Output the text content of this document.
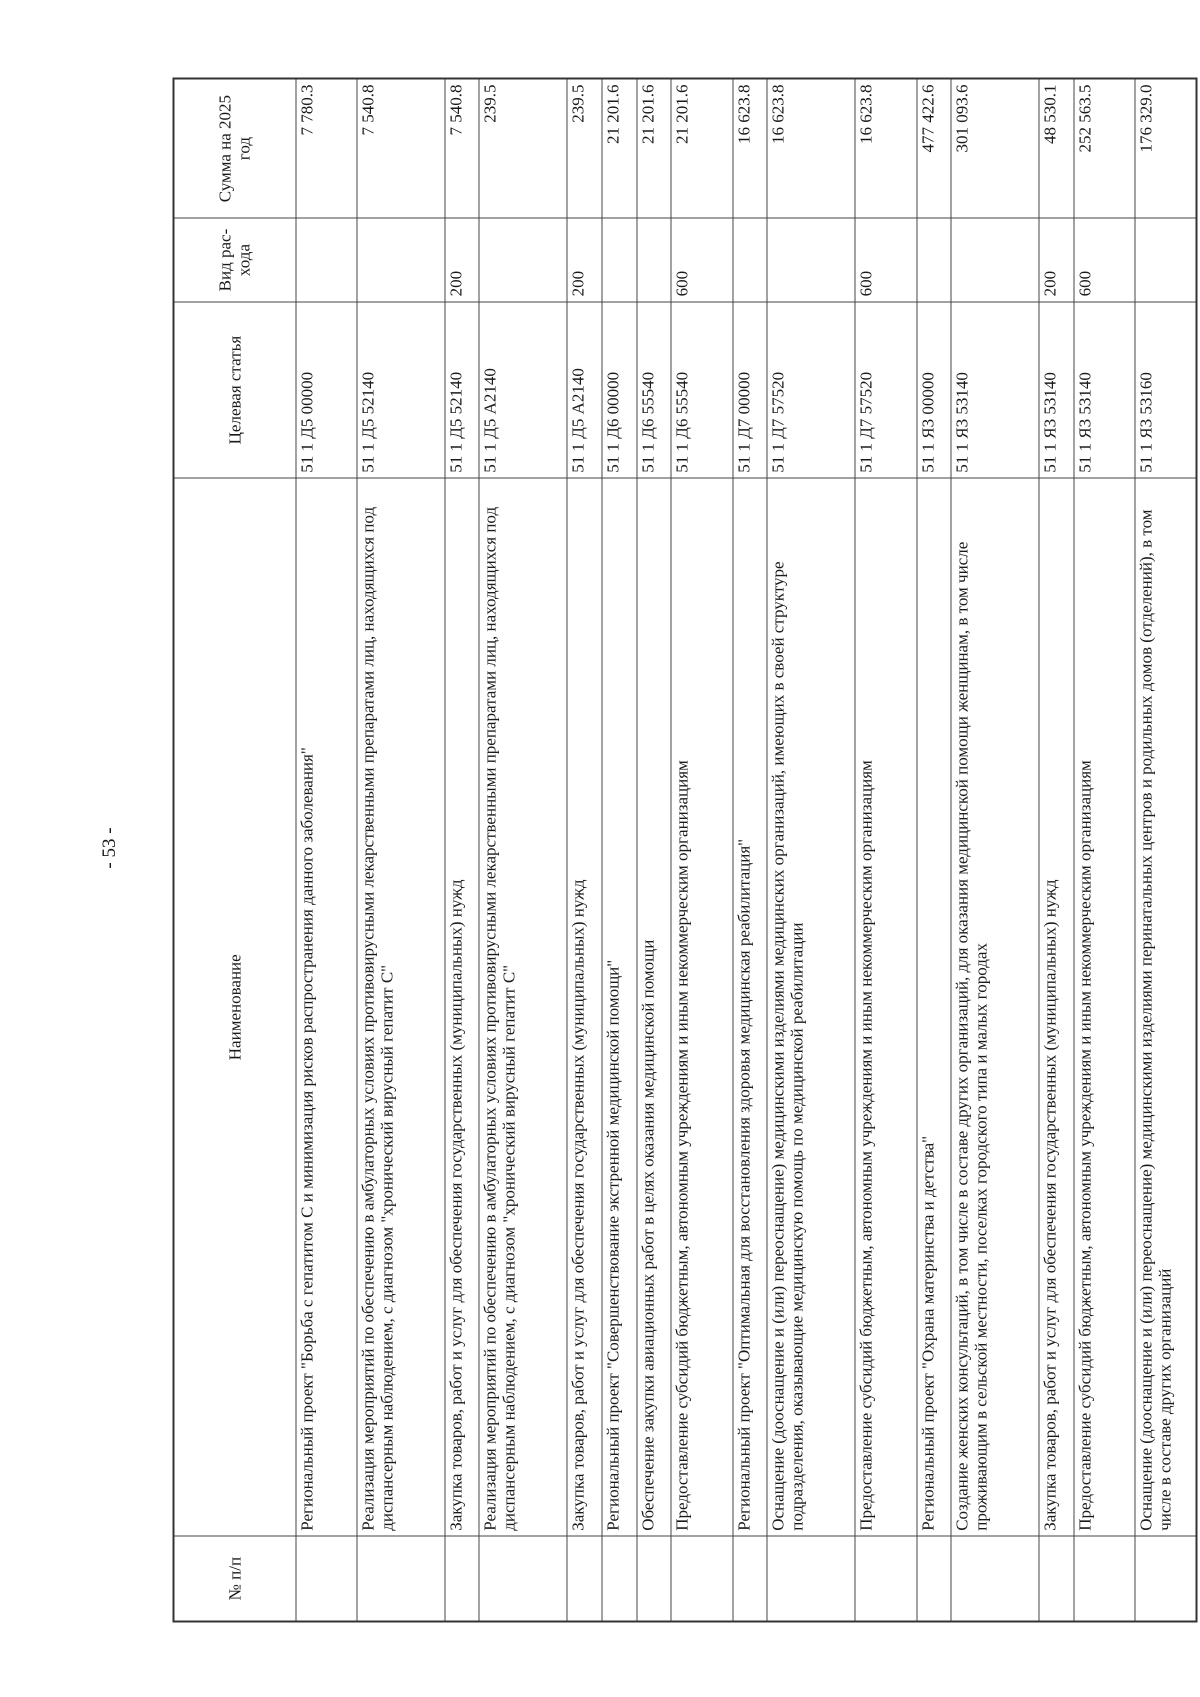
- 53 -
№ п/п	Наименование	Целевая статья	Вид рас-хода	Сумма на 2025 год
	Региональный проект "Борьба с гепатитом С и минимизация рисков распространения данного заболевания"	51 1 Д5 00000		7 780.3
	Реализация мероприятий по обеспечению в амбулаторных условиях противовирусными лекарственными препаратами лиц, находящихся под диспансерным наблюдением, с диагнозом "хронический вирусный гепатит С"	51 1 Д5 52140		7 540.8
	Закупка товаров, работ и услуг для обеспечения государственных (муниципальных) нужд	51 1 Д5 52140	200	7 540.8
	Реализация мероприятий по обеспечению в амбулаторных условиях противовирусными лекарственными препаратами лиц, находящихся под диспансерным наблюдением, с диагнозом "хронический вирусный гепатит С"	51 1 Д5 А2140		239.5
	Закупка товаров, работ и услуг для обеспечения государственных (муниципальных) нужд	51 1 Д5 А2140	200	239.5
	Региональный проект "Совершенствование экстренной медицинской помощи"	51 1 Д6 00000		21 201.6
	Обеспечение закупки авиационных работ в целях оказания медицинской помощи	51 1 Д6 55540		21 201.6
	Предоставление субсидий бюджетным, автономным учреждениям и иным некоммерческим организациям	51 1 Д6 55540	600	21 201.6
	Региональный проект "Оптимальная для восстановления здоровья медицинская реабилитация"	51 1 Д7 00000		16 623.8
	Оснащение (дооснащение и (или) переоснащение) медицинскими изделиями медицинских организаций, имеющих в своей структуре подразделения, оказывающие медицинскую помощь по медицинской реабилитации	51 1 Д7 57520		16 623.8
	Предоставление субсидий бюджетным, автономным учреждениям и иным некоммерческим организациям	51 1 Д7 57520	600	16 623.8
	Региональный проект "Охрана материнства и детства"	51 1 Я3 00000		477 422.6
	Создание женских консультаций, в том числе в составе других организаций, для оказания медицинской помощи женщинам, в том числе проживающим в сельской местности, поселках городского типа и малых городах	51 1 Я3 53140		301 093.6
	Закупка товаров, работ и услуг для обеспечения государственных (муниципальных) нужд	51 1 Я3 53140	200	48 530.1
	Предоставление субсидий бюджетным, автономным учреждениям и иным некоммерческим организациям	51 1 Я3 53140	600	252 563.5
	Оснащение (дооснащение и (или) переоснащение) медицинскими изделиями перинатальных центров и родильных домов (отделений), в том числе в составе других организаций	51 1 Я3 53160		176 329.0
